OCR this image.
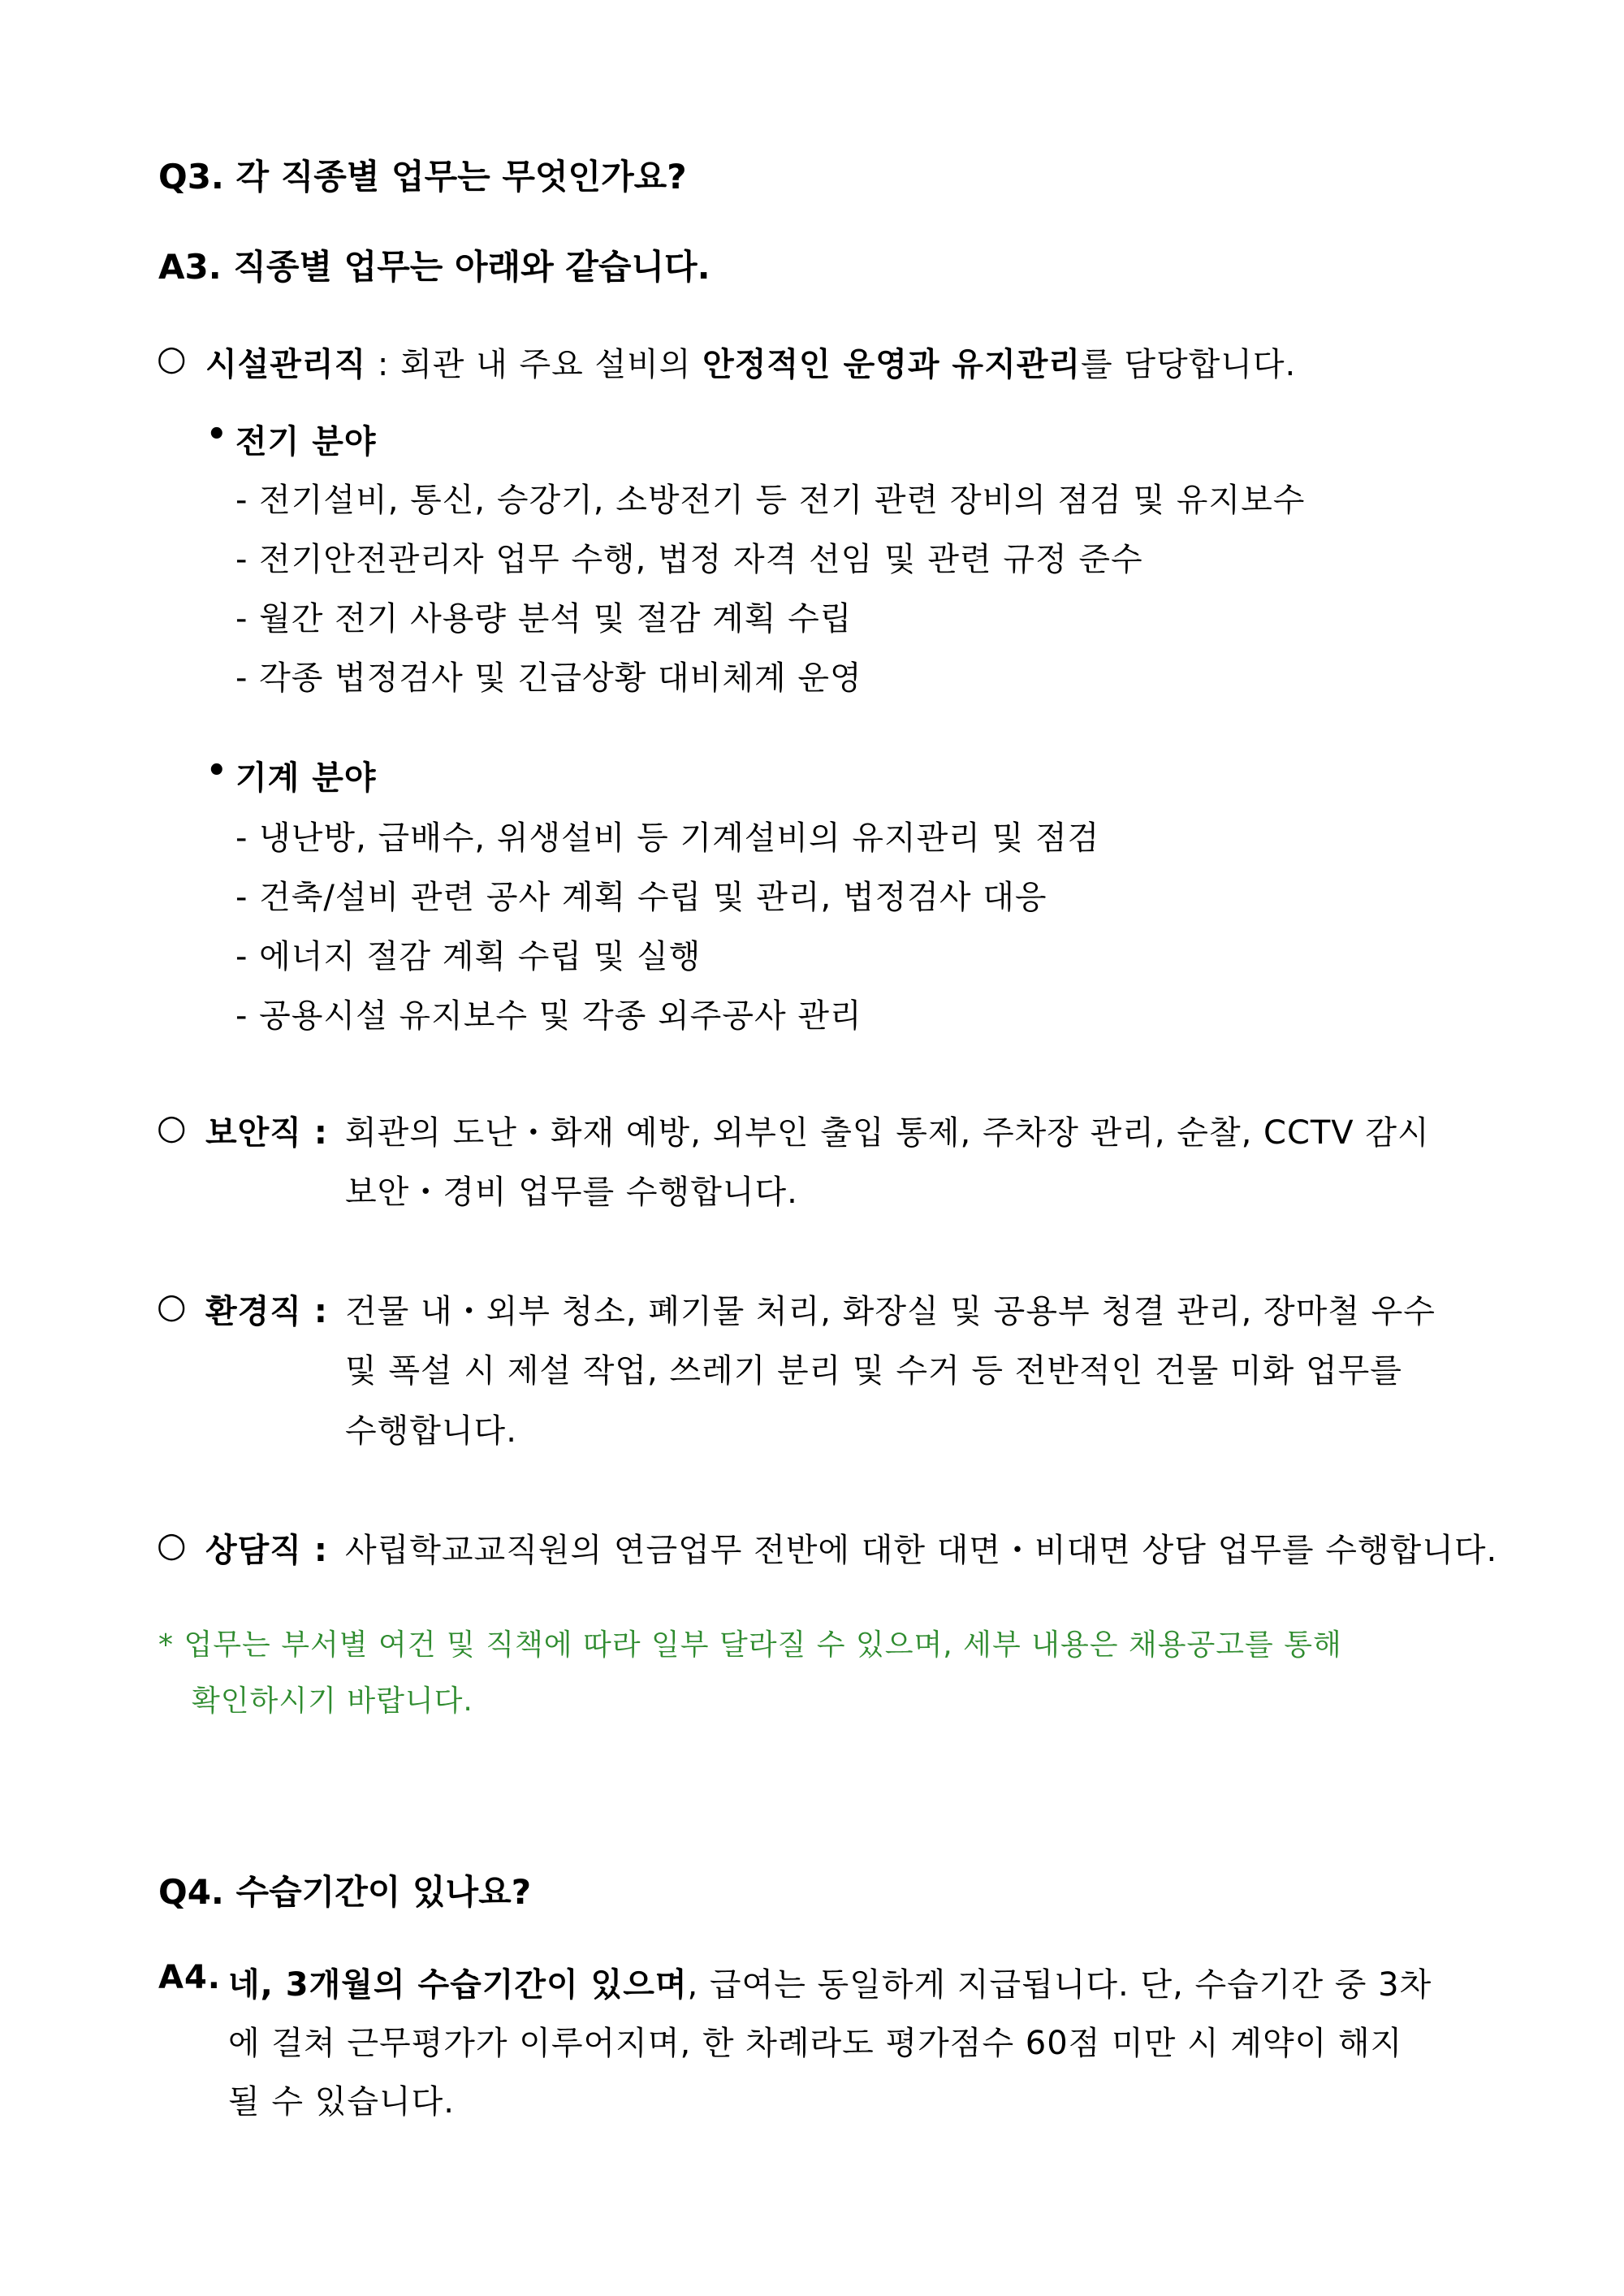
Q3. 각 직종별 업무는 무엇인가요?
A3. 직종별 업무는 아래와 같습니다.
○ 시설관리직 : 회관 내 주요 설비의 안정적인 운영과 유지관리를 담당합니다.
• 전기 분야
- 전기설비, 통신, 승강기, 소방전기 등 전기 관련 장비의 점검 및 유지보수
- 전기안전관리자 업무 수행, 법정 자격 선임 및 관련 규정 준수
- 월간 전기 사용량 분석 및 절감 계획 수립
- 각종 법정검사 및 긴급상황 대비체계 운영
• 기계 분야
- 냉난방, 급배수, 위생설비 등 기계설비의 유지관리 및 점검
- 건축/설비 관련 공사 계획 수립 및 관리, 법정검사 대응
- 에너지 절감 계획 수립 및 실행
- 공용시설 유지보수 및 각종 외주공사 관리
○ 보안직 : 회관의 도난・화재 예방, 외부인 출입 통제, 주차장 관리, 순찰, CCTV 감시
보안・경비 업무를 수행합니다.
○ 환경직 : 건물 내・외부 청소, 폐기물 처리, 화장실 및 공용부 청결 관리, 장마철 우수
및 폭설 시 제설 작업, 쓰레기 분리 및 수거 등 전반적인 건물 미화 업무를
수행합니다.
○ 상담직 : 사립학교교직원의 연금업무 전반에 대한 대면・비대면 상담 업무를 수행합니다.
* 업무는 부서별 여건 및 직책에 따라 일부 달라질 수 있으며, 세부 내용은 채용공고를 통해
확인하시기 바랍니다.
Q4. 수습기간이 있나요?
A4. 네, 3개월의 수습기간이 있으며, 급여는 동일하게 지급됩니다. 단, 수습기간 중 3차
에 걸쳐 근무평가가 이루어지며, 한 차례라도 평가점수 60점 미만 시 계약이 해지
될 수 있습니다.
